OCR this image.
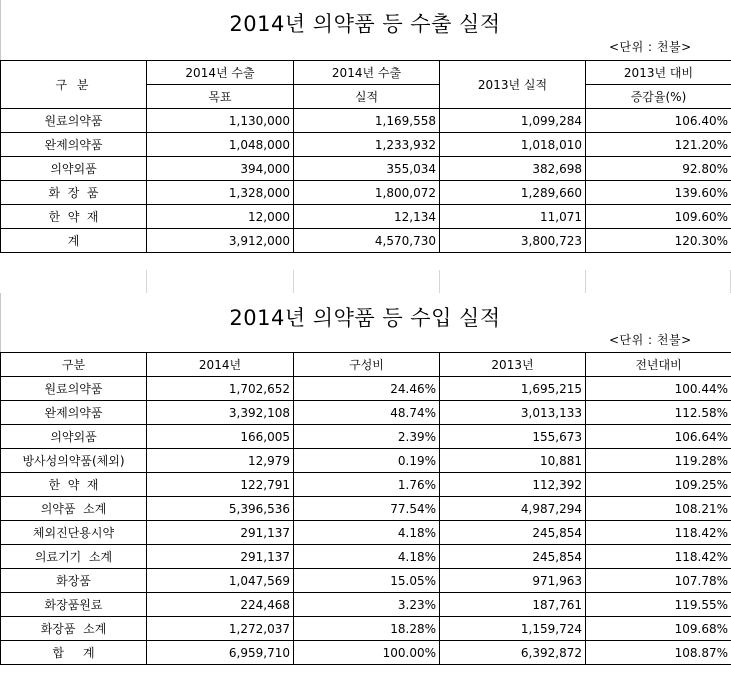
2014년 의약품 등 수출 실적
<단위 : 천불>
구 분	2014년 수출	2014년 수출	2013년 실적	2013년 대비
	목표	실적		증감율(%)
원료의약품	1,130,000	1,169,558	1,099,284	106.40%
완제의약품	1,048,000	1,233,932	1,018,010	121.20%
의약외품	394,000	355,034	382,698	92.80%
화  장  품	1,328,000	1,800,072	1,289,660	139.60%
한  약  재	12,000	12,134	11,071	109.60%
계	3,912,000	4,570,730	3,800,723	120.30%
2014년 의약품 등 수입 실적
<단위 : 천불>
구분	2014년	구성비	2013년	전년대비
원료의약품	1,702,652	24.46%	1,695,215	100.44%
완제의약품	3,392,108	48.74%	3,013,133	112.58%
의약외품	166,005	2.39%	155,673	106.64%
방사성의약품(체외)	12,979	0.19%	10,881	119.28%
한  약  재	122,791	1.76%	112,392	109.25%
의약품  소계	5,396,536	77.54%	4,987,294	108.21%
체외진단용시약	291,137	4.18%	245,854	118.42%
의료기기  소계	291,137	4.18%	245,854	118.42%
화장품	1,047,569	15.05%	971,963	107.78%
화장품원료	224,468	3.23%	187,761	119.55%
화장품  소계	1,272,037	18.28%	1,159,724	109.68%
합     계	6,959,710	100.00%	6,392,872	108.87%
